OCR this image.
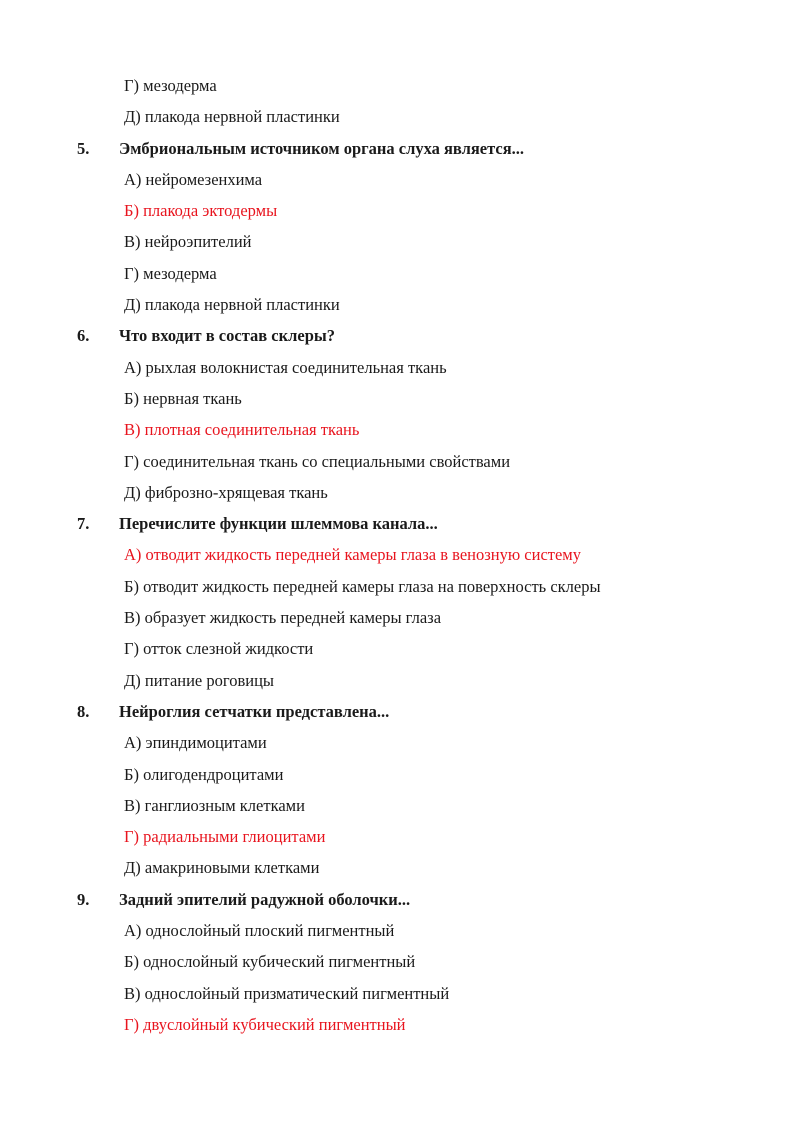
Г) мезодерма
Д) плакода нервной пластинки
5.	Эмбриональным источником органа слуха является...
А) нейромезенхима
Б) плакода эктодермы
В) нейроэпителий
Г) мезодерма
Д) плакода нервной пластинки
6.	Что входит в состав склеры?
А) рыхлая волокнистая соединительная ткань
Б) нервная ткань
В) плотная соединительная ткань
Г) соединительная ткань со специальными свойствами
Д) фиброзно-хрящевая ткань
7.	Перечислите функции шлеммова канала...
А) отводит жидкость передней камеры глаза в венозную систему
Б) отводит жидкость передней камеры глаза на поверхность склеры
В) образует жидкость передней камеры глаза
Г) отток слезной жидкости
Д) питание роговицы
8.	Нейроглия сетчатки представлена...
А) эпиндимоцитами
Б) олигодендроцитами
В) ганглиозным клетками
Г) радиальными глиоцитами
Д) амакриновыми клетками
9.	Задний эпителий радужной оболочки...
А) однослойный плоский пигментный
Б) однослойный кубический пигментный
В) однослойный призматический пигментный
Г) двуслойный кубический пигментный
